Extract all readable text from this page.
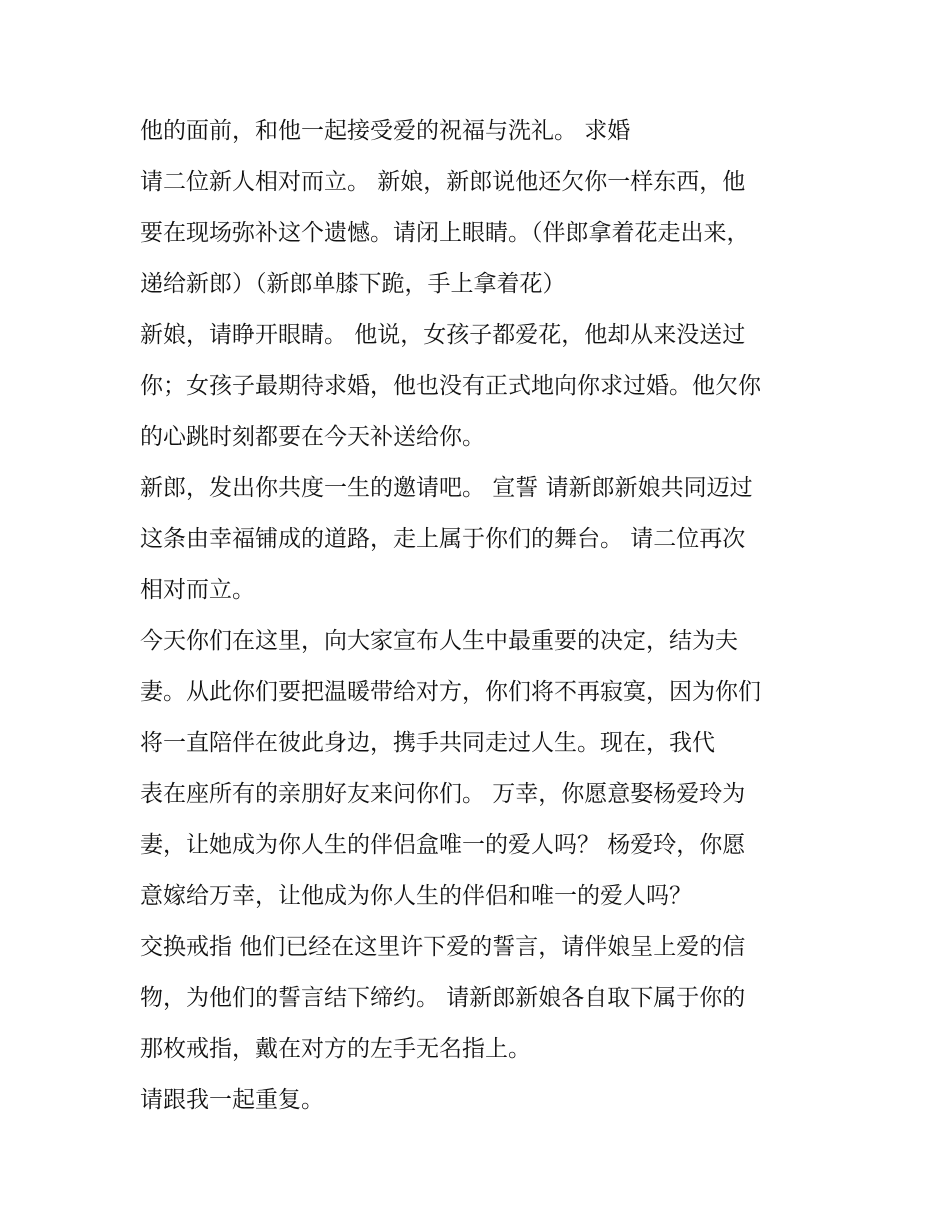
他的面前，和他一起接受爱的祝福与洗礼。 求婚
请二位新人相对而立。 新娘，新郎说他还欠你一样东西，他
要在现场弥补这个遗憾。请闭上眼睛。（伴郎拿着花走出来，
递给新郎）（新郎单膝下跪，手上拿着花）
新娘，请睁开眼睛。 他说，女孩子都爱花，他却从来没送过
你；女孩子最期待求婚，他也没有正式地向你求过婚。他欠你
的心跳时刻都要在今天补送给你。
新郎，发出你共度一生的邀请吧。 宣誓 请新郎新娘共同迈过
这条由幸福铺成的道路，走上属于你们的舞台。 请二位再次
相对而立。
今天你们在这里，向大家宣布人生中最重要的决定，结为夫
妻。从此你们要把温暖带给对方，你们将不再寂寞，因为你们
将一直陪伴在彼此身边，携手共同走过人生。现在，我代
表在座所有的亲朋好友来问你们。 万幸，你愿意娶杨爱玲为
妻，让她成为你人生的伴侣盒唯一的爱人吗？ 杨爱玲，你愿
意嫁给万幸，让他成为你人生的伴侣和唯一的爱人吗？
交换戒指 他们已经在这里许下爱的誓言，请伴娘呈上爱的信
物，为他们的誓言结下缔约。 请新郎新娘各自取下属于你的
那枚戒指，戴在对方的左手无名指上。
请跟我一起重复。
